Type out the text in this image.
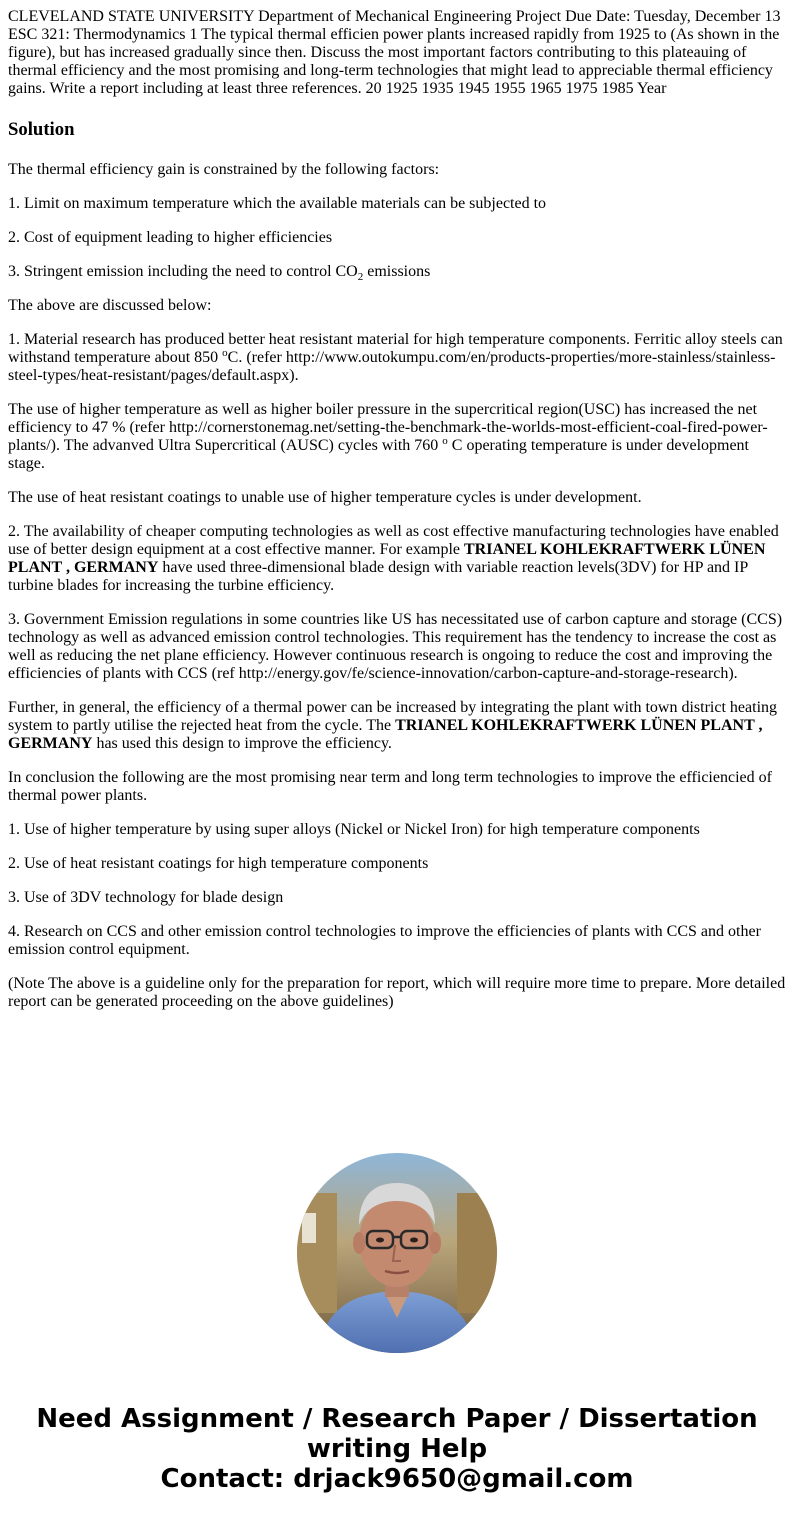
CLEVELAND STATE UNIVERSITY Department of Mechanical Engineering Project Due Date: Tuesday, December 13 ESC 321: Thermodynamics 1 The typical thermal efficien power plants increased rapidly from 1925 to (As shown in the figure), but has increased gradually since then. Discuss the most important factors contributing to this plateauing of thermal efficiency and the most promising and long-term technologies that might lead to appreciable thermal efficiency gains. Write a report including at least three references. 20 1925 1935 1945 1955 1965 1975 1985 Year
Solution

The thermal efficiency gain is constrained by the following factors:

1. Limit on maximum temperature which the available materials can be subjected to

2. Cost of equipment leading to higher efficiencies

3. Stringent emission including the need to control $CO_2$ emissions

The above are discussed below:

1. Material research has produced better heat resistant material for high temperature components. Ferritic alloy steels can withstand temperature about 850 $^o$C. (refer http://www.outokumpu.com/en/products-properties/more-stainless/stainless-steel-types/heat-resistant/pages/default.aspx).

The use of higher temperature as well as higher boiler pressure in the supercritical region(USC) has increased the net efficiency to 47 % (refer http://cornerstonemag.net/setting-the-benchmark-the-worlds-most-efficient-coal-fired-power-plants/). The advanved Ultra Supercritical (AUSC) cycles with 760 $^o$ C operating temperature is under development stage.

The use of heat resistant coatings to unable use of higher temperature cycles is under development.

2. The availability of cheaper computing technologies as well as cost effective manufacturing technologies have enabled use of better design equipment at a cost effective manner. For example TRIANEL KOHLEKRAFTWERK LÜNEN PLANT , GERMANY have used three-dimensional blade design with variable reaction levels(3DV) for HP and IP turbine blades for increasing the turbine efficiency.

3. Government Emission regulations in some countries like US has necessitated use of carbon capture and storage (CCS) technology as well as advanced emission control technologies. This requirement has the tendency to increase the cost as well as reducing the net plane efficiency. However continuous research is ongoing to reduce the cost and improving the efficiencies of plants with CCS (ref http://energy.gov/fe/science-innovation/carbon-capture-and-storage-research).

Further, in general, the efficiency of a thermal power can be increased by integrating the plant with town district heating system to partly utilise the rejected heat from the cycle. The TRIANEL KOHLEKRAFTWERK LÜNEN PLANT , GERMANY has used this design to improve the efficiency.

In conclusion the following are the most promising near term and long term technologies to improve the efficiencied of thermal power plants.

1. Use of higher temperature by using super alloys (Nickel or Nickel Iron) for high temperature components

2. Use of heat resistant coatings for high temperature components

3. Use of 3DV technology for blade design

4. Research on CCS and other emission control technologies to improve the efficiencies of plants with CCS and other emission control equipment.

(Note The above is a guideline only for the preparation for report, which will require more time to prepare. More detailed report can be generated proceeding on the above guidelines)

Need Assignment / Research Paper / Dissertation
writing Help
Contact: drjack9650@gmail.com
